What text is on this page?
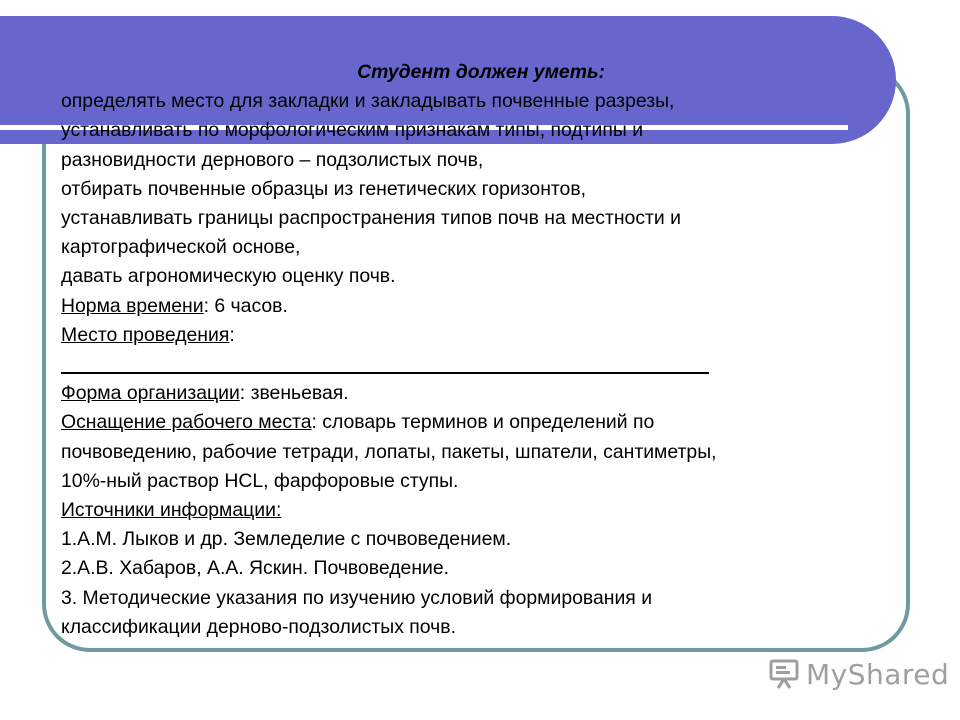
Студент должен уметь:

определять место для закладки и закладывать почвенные разрезы,

устанавливать по морфологическим признакам типы, подтипы и

разновидности дернового – подзолистых почв,

отбирать почвенные образцы из генетических горизонтов,

устанавливать границы распространения типов почв на местности и

картографической основе,

давать агрономическую оценку почв.

Норма времени: 6 часов.

Место проведения:

Форма организации: звеньевая.

Оснащение рабочего места: словарь терминов и определений по

почвоведению, рабочие тетради, лопаты, пакеты, шпатели, сантиметры,

10%-ный раствор HCL, фарфоровые ступы.

Источники информации:

1.А.М. Лыков и др. Земледелие с почвоведением.

2.А.В. Хабаров, А.А. Яскин. Почвоведение.

3. Методические указания по изучению условий формирования и

классификации дерново-подзолистых почв.

MyShared
